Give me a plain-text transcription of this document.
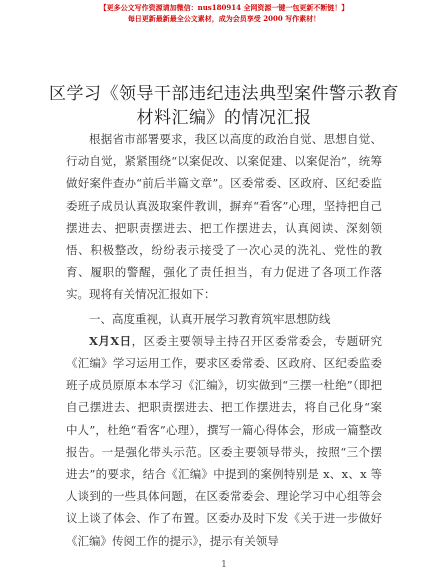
【更多公文写作资源请加微信：nus180914 全网资源一键一包更新不断链！】
每日更新最新最全公文素材，成为会员享受 2000 写作素材！
区学习《领导干部违纪违法典型案件警示教育
材料汇编》的情况汇报

根据省市部署要求，我区以高度的政治自觉、思想自觉、行动自觉，紧紧围绕“以案促改、以案促建、以案促治”，统筹做好案件查办“前后半篇文章”。区委常委、区政府、区纪委监委班子成员认真汲取案件教训，摒弃“看客”心理，坚持把自己摆进去、把职责摆进去、把工作摆进去，认真阅读、深刻领悟、积极整改，纷纷表示接受了一次心灵的洗礼、党性的教育、履职的警醒，强化了责任担当，有力促进了各项工作落实。现将有关情况汇报如下：

一、高度重视，认真开展学习教育筑牢思想防线

X月X日，区委主要领导主持召开区委常委会，专题研究《汇编》学习运用工作，要求区委常委、区政府、区纪委监委班子成员原原本本学习《汇编》，切实做到“三摆一杜绝”（即把自己摆进去、把职责摆进去、把工作摆进去，将自己化身“案中人”，杜绝“看客”心理），撰写一篇心得体会，形成一篇整改报告。一是强化带头示范。区委主要领导带头，按照“三个摆进去”的要求，结合《汇编》中提到的案例特别是 x、x、x 等人谈到的一些具体问题，在区委常委会、理论学习中心组等会议上谈了体会、作了布置。区委办及时下发《关于进一步做好《汇编》传阅工作的提示》，提示有关领导

1
